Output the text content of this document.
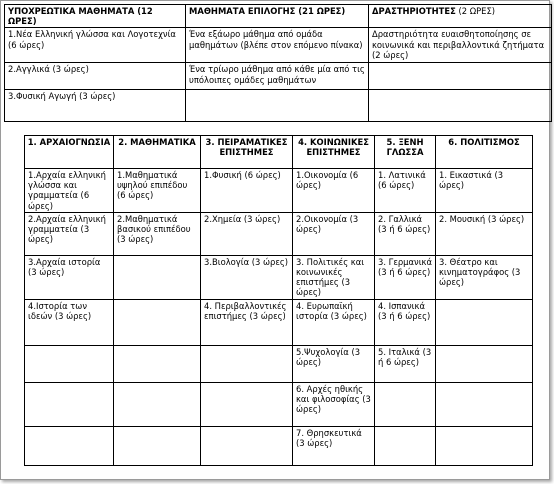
ΥΠΟΧΡΕΩΤΙΚΑ ΜΑΘΗΜΑΤΑ (12 ΩΡΕΣ)	ΜΑΘΗΜΑΤΑ ΕΠΙΛΟΓΗΣ (21 ΩΡΕΣ)	ΔΡΑΣΤΗΡΙΟΤΗΤΕΣ (2 ΩΡΕΣ)
1.Νέα Ελληνική γλώσσα και Λογοτεχνία (6 ώρες)	Ένα εξάωρο μάθημα από ομάδα μαθημάτων (βλέπε στον επόμενο πίνακα)	Δραστηριότητα ευαισθητοποίησης σε κοινωνικά και περιβαλλοντικά ζητήματα (2 ώρες)
2.Αγγλικά (3 ώρες)	Ένα τρίωρο μάθημα από κάθε μία από τις υπόλοιπες ομάδες μαθημάτων	
3.Φυσική Αγωγή (3 ώρες)		
1. ΑΡΧΑΙΟΓΝΩΣΙΑ	2. ΜΑΘΗΜΑΤΙΚΑ	3. ΠΕΙΡΑΜΑΤΙΚΕΣ ΕΠΙΣΤΗΜΕΣ	4. ΚΟΙΝΩΝΙΚΕΣ ΕΠΙΣΤΗΜΕΣ	5. ΞΕΝΗ ΓΛΩΣΣΑ	6. ΠΟΛΙΤΙΣΜΟΣ
1.Αρχαία ελληνική γλώσσα και γραμματεία (6 ώρες)	1.Μαθηματικά υψηλού επιπέδου (6 ώρες)	1.Φυσική (6 ώρες)	1.Οικονομία (6 ώρες)	1. Λατινικά (6 ώρες)	1. Εικαστικά (3 ώρες)
2.Αρχαία ελληνική γραμματεία (3 ώρες)	2.Μαθηματικά βασικού επιπέδου (3 ώρες)	2.Χημεία (3 ώρες)	2.Οικονομία (3 ώρες)	2. Γαλλικά (3 ή 6 ώρες)	2. Μουσική (3 ώρες)
3.Αρχαία ιστορία (3 ώρες)		3.Βιολογία (3 ώρες)	3. Πολιτικές και κοινωνικές επιστήμες (3 ώρες)	3. Γερμανικά (3 ή 6 ώρες)	3. Θέατρο και κινηματογράφος (3 ώρες)
4.Ιστορία των ιδεών (3 ώρες)		4. Περιβαλλοντικές επιστήμες (3 ώρες)	4. Ευρωπαϊκή ιστορία (3 ώρες)	4. Ισπανικά (3 ή 6 ώρες)	
			5.Ψυχολογία (3 ώρες)	5. Ιταλικά (3 ή 6 ώρες)	
			6. Αρχές ηθικής και φιλοσοφίας (3 ώρες)		
			7. Θρησκευτικά (3 ώρες)		
